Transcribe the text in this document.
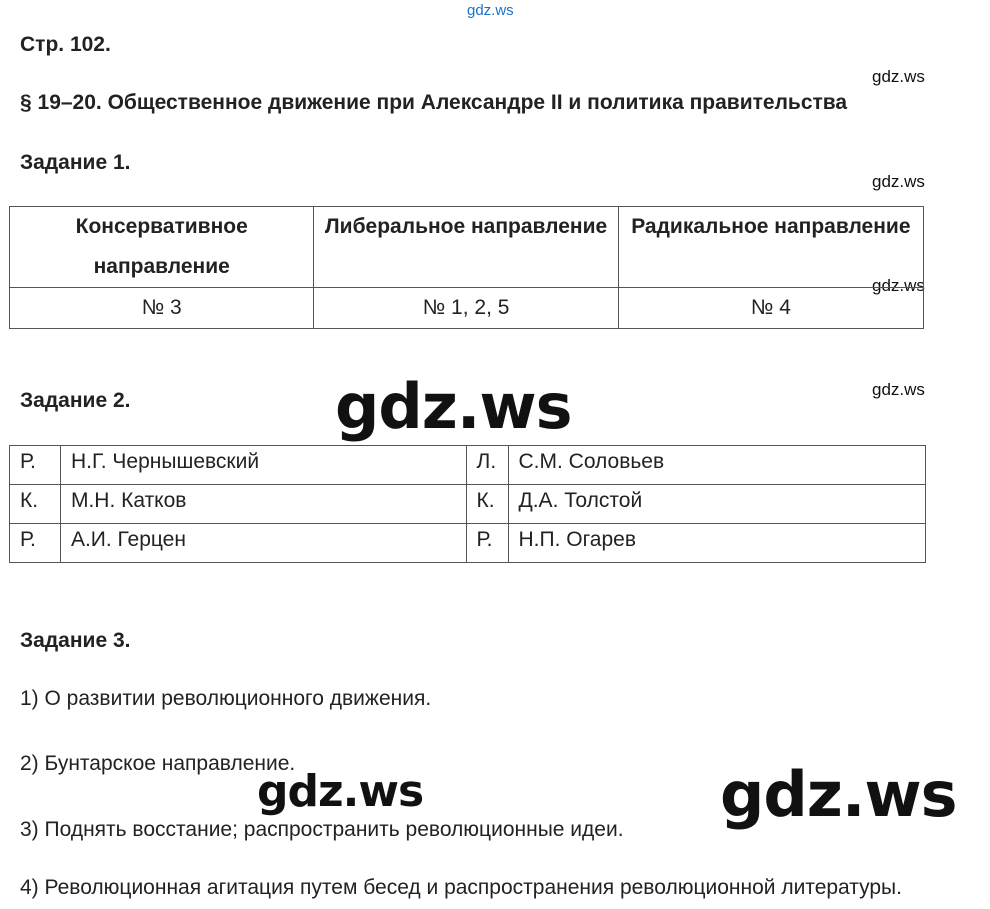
gdz.ws
Стр. 102.
gdz.ws
gdz.ws
gdz.ws
gdz.ws
§ 19–20. Общественное движение при Александре II и политика правительства
Задание 1.
Консервативное направление	Либеральное направление	Радикальное направление
№ 3	№ 1, 2, 5	№ 4
Задание 2.	gdz.ws
Р.	Н.Г. Чернышевский	Л.	С.М. Соловьев
К.	М.Н. Катков	К.	Д.А. Толстой
Р.	А.И. Герцен	Р.	Н.П. Огарев
Задание 3.
1) О развитии революционного движения.
2) Бунтарское направление.
3) Поднять восстание; распространить революционные идеи.
4) Революционная агитация путем бесед и распространения революционной литературы.
gdz.ws	gdz.ws
